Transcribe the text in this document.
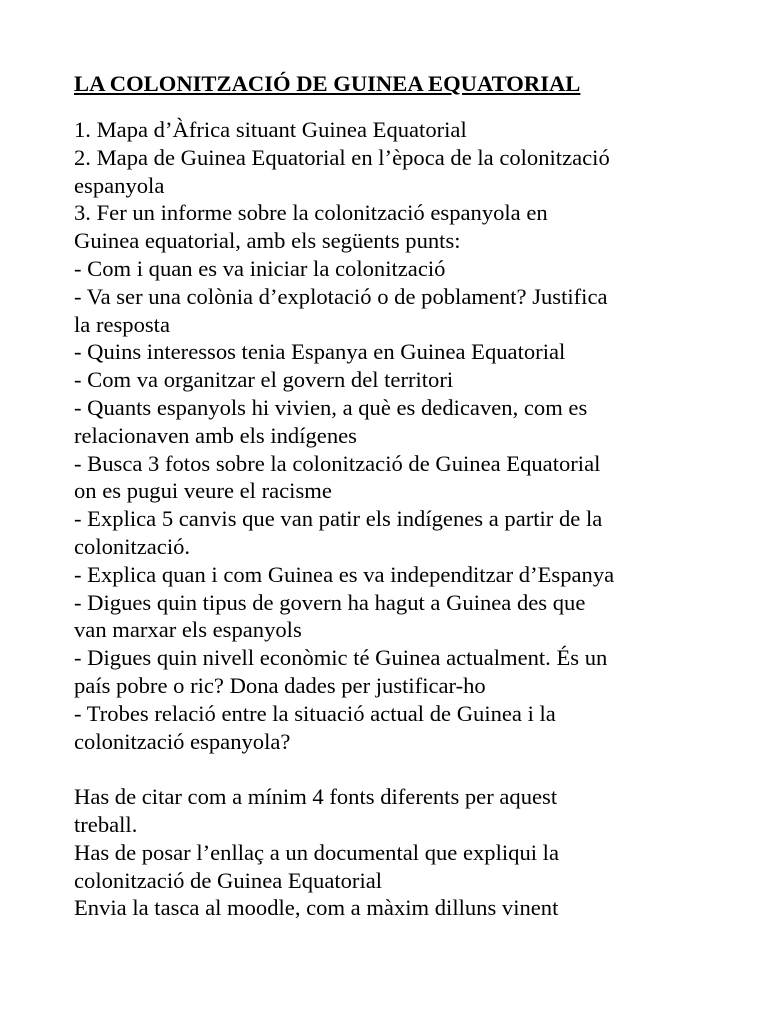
LA COLONITZACIÓ DE GUINEA EQUATORIAL
1. Mapa d’Àfrica situant Guinea Equatorial
2. Mapa de Guinea Equatorial en l’època de la colonització
espanyola
3. Fer un informe sobre la colonització espanyola en
Guinea equatorial, amb els següents punts:
- Com i quan es va iniciar la colonització
- Va ser una colònia d’explotació o de poblament? Justifica
la resposta
- Quins interessos tenia Espanya en Guinea Equatorial
- Com va organitzar el govern del territori
- Quants espanyols hi vivien, a què es dedicaven, com es
relacionaven amb els indígenes
- Busca 3 fotos sobre la colonització de Guinea Equatorial
on es pugui veure el racisme
- Explica 5 canvis que van patir els indígenes a partir de la
colonització.
- Explica quan i com Guinea es va independitzar d’Espanya
- Digues quin tipus de govern ha hagut a Guinea des que
van marxar els espanyols
- Digues quin nivell econòmic té Guinea actualment. És un
país pobre o ric? Dona dades per justificar-ho
- Trobes relació entre la situació actual de Guinea i la
colonització espanyola?
Has de citar com a mínim 4 fonts diferents per aquest
treball.
Has de posar l’enllaç a un documental que expliqui la
colonització de Guinea Equatorial
Envia la tasca al moodle, com a màxim dilluns vinent
